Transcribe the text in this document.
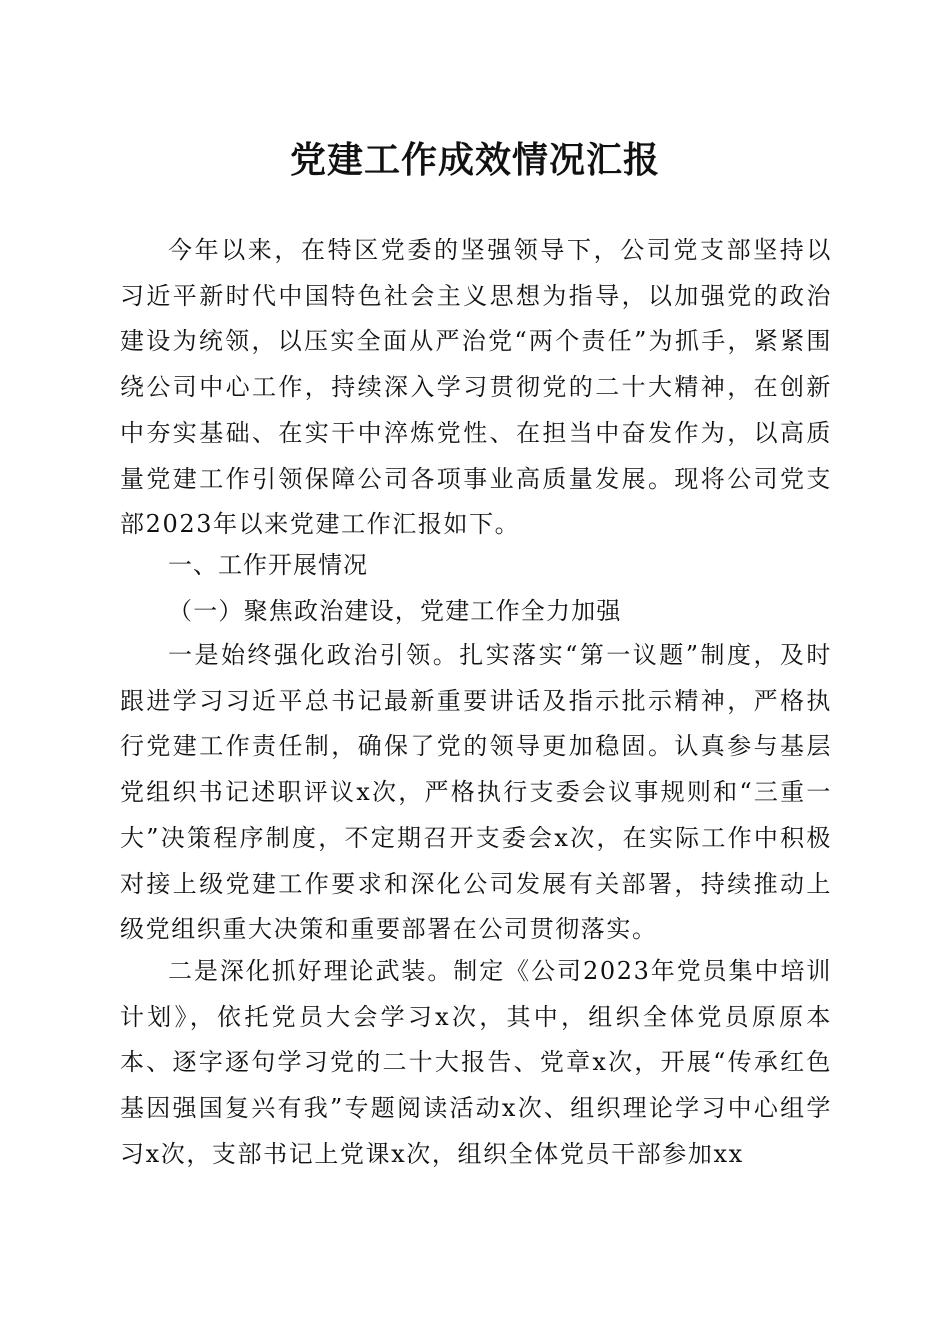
党建工作成效情况汇报

今年以来，在特区党委的坚强领导下，公司党支部坚持以习近平新时代中国特色社会主义思想为指导，以加强党的政治建设为统领，以压实全面从严治党“两个责任”为抓手，紧紧围绕公司中心工作，持续深入学习贯彻党的二十大精神，在创新中夯实基础、在实干中淬炼党性、在担当中奋发作为，以高质量党建工作引领保障公司各项事业高质量发展。现将公司党支部2023年以来党建工作汇报如下。

一、工作开展情况
（一）聚焦政治建设，党建工作全力加强

一是始终强化政治引领。扎实落实“第一议题”制度，及时跟进学习习近平总书记最新重要讲话及指示批示精神，严格执行党建工作责任制，确保了党的领导更加稳固。认真参与基层党组织书记述职评议x次，严格执行支委会议事规则和“三重一大”决策程序制度，不定期召开支委会x次，在实际工作中积极对接上级党建工作要求和深化公司发展有关部署，持续推动上级党组织重大决策和重要部署在公司贯彻落实。

二是深化抓好理论武装。制定《公司2023年党员集中培训计划》，依托党员大会学习x次，其中，组织全体党员原原本本、逐字逐句学习党的二十大报告、党章x次，开展“传承红色基因强国复兴有我”专题阅读活动x次、组织理论学习中心组学习x次，支部书记上党课x次，组织全体党员干部参加xx
